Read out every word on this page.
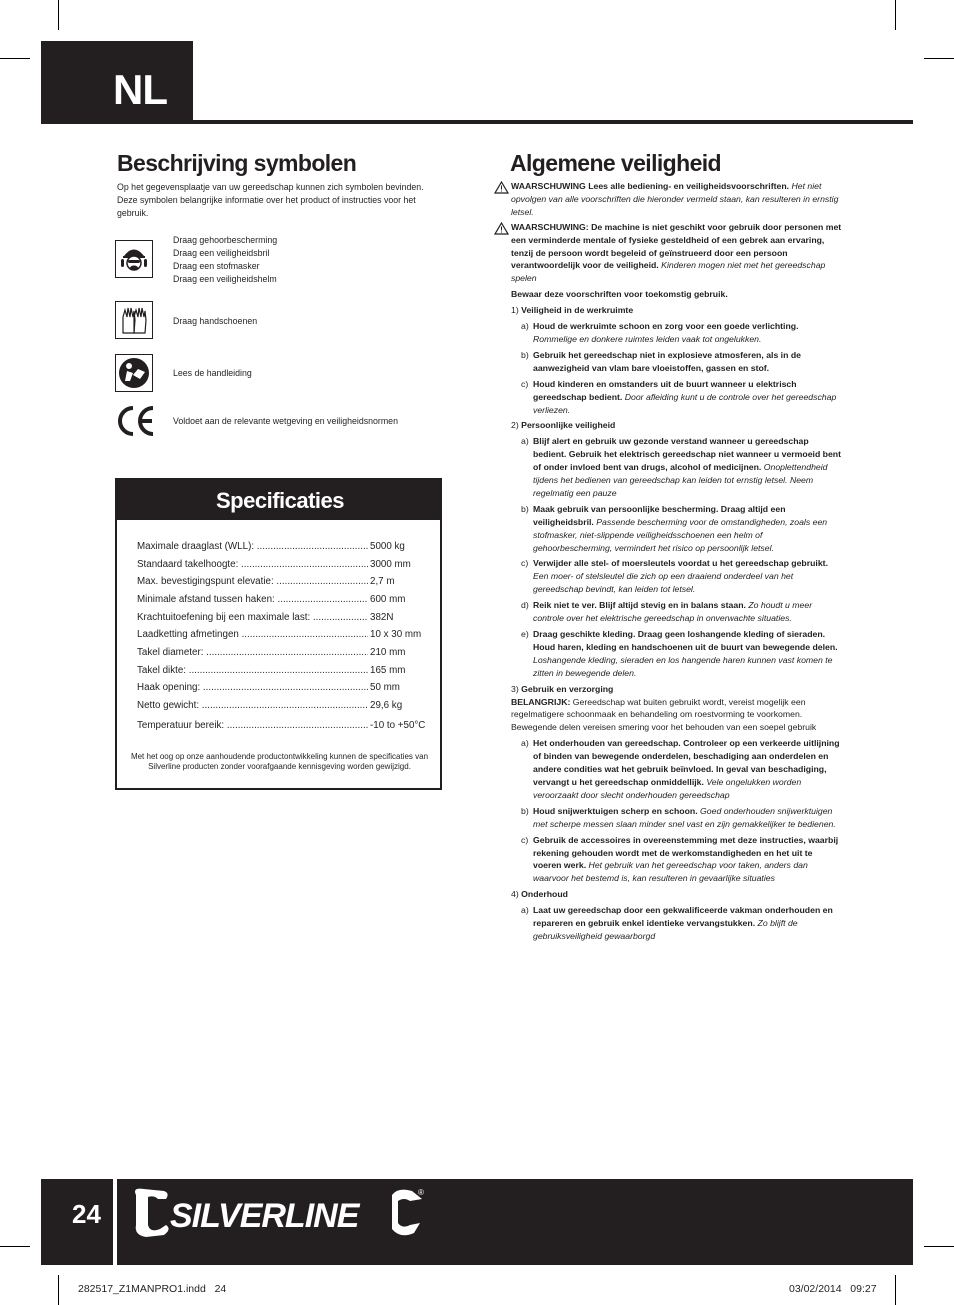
NL
Beschrijving symbolen
Op het gegevensplaatje van uw gereedschap kunnen zich symbolen bevinden. Deze symbolen belangrijke informatie over het product of instructies voor het gebruik.
Draag gehoorbescherming
Draag een veiligheidsbril
Draag een stofmasker
Draag een veiligheidshelm
Draag handschoenen
Lees de handleiding
Voldoet aan de relevante wetgeving en veiligheidsnormen
Specificaties
Maximale draaglast (WLL): .....	5000 kg
Standaard takelhoogte: .....	3000 mm
Max. bevestigingspunt elevatie: .....	2,7 m
Minimale afstand tussen haken: .....	600 mm
Krachtuitoefening bij een maximale last: .....	382N
Laadketting afmetingen .....	10 x 30 mm
Takel diameter: .....	210 mm
Takel dikte: .....	165 mm
Haak opening: .....	50 mm
Netto gewicht: .....	29,6 kg
Temperatuur bereik: .....	-10 to +50°C
Met het oog op onze aanhoudende productontwikkeling kunnen de specificaties van Silverline producten zonder voorafgaande kennisgeving worden gewijzigd.
Algemene veiligheid

WAARSCHUWING Lees alle bediening- en veiligheidsvoorschriften. Het niet opvolgen van alle voorschriften die hieronder vermeld staan, kan resulteren in ernstig letsel.

WAARSCHUWING: De machine is niet geschikt voor gebruik door personen met een verminderde mentale of fysieke gesteldheid of een gebrek aan ervaring, tenzij de persoon wordt begeleid of geïnstrueerd door een persoon verantwoordelijk voor de veiligheid. Kinderen mogen niet met het gereedschap spelen

Bewaar deze voorschriften voor toekomstig gebruik.

1) Veiligheid in de werkruimte

a) Houd de werkruimte schoon en zorg voor een goede verlichting. Rommelige en donkere ruimtes leiden vaak tot ongelukken.

b) Gebruik het gereedschap niet in explosieve atmosferen, als in de aanwezigheid van vlam bare vloeistoffen, gassen en stof.

c) Houd kinderen en omstanders uit de buurt wanneer u elektrisch gereedschap bedient. Door afleiding kunt u de controle over het gereedschap verliezen.

2) Persoonlijke veiligheid

a) Blijf alert en gebruik uw gezonde verstand wanneer u gereedschap bedient. Gebruik het elektrisch gereedschap niet wanneer u vermoeid bent of onder invloed bent van drugs, alcohol of medicijnen. Onoplettendheid tijdens het bedienen van gereedschap kan leiden tot ernstig letsel. Neem regelmatig een pauze

b) Maak gebruik van persoonlijke bescherming. Draag altijd een veiligheidsbril. Passende bescherming voor de omstandigheden, zoals een stofmasker, niet-slippende veiligheidsschoenen een helm of gehoorbescherming, vermindert het risico op persoonlijk letsel.

c) Verwijder alle stel- of moersleutels voordat u het gereedschap gebruikt. Een moer- of stelsleutel die zich op een draaiend onderdeel van het gereedschap bevindt, kan leiden tot letsel.

d) Reik niet te ver. Blijf altijd stevig en in balans staan. Zo houdt u meer controle over het elektrische gereedschap in onverwachte situaties.

e) Draag geschikte kleding. Draag geen loshangende kleding of sieraden. Houd haren, kleding en handschoenen uit de buurt van bewegende delen. Loshangende kleding, sieraden en los hangende haren kunnen vast komen te zitten in bewegende delen.

3) Gebruik en verzorging

BELANGRIJK: Gereedschap wat buiten gebruikt wordt, vereist mogelijk een regelmatigere schoonmaak en behandeling om roestvorming te voorkomen. Bewegende delen vereisen smering voor het behouden van een soepel gebruik

a) Het onderhouden van gereedschap. Controleer op een verkeerde uitlijning of binden van bewegende onderdelen, beschadiging aan onderdelen en andere condities wat het gebruik beïnvloed. In geval van beschadiging, vervangt u het gereedschap onmiddellijk. Vele ongelukken worden veroorzaakt door slecht onderhouden gereedschap

b) Houd snijwerktuigen scherp en schoon. Goed onderhouden snijwerktuigen met scherpe messen slaan minder snel vast en zijn gemakkelijker te bedienen.

c) Gebruik de accessoires in overeenstemming met deze instructies, waarbij rekening gehouden wordt met de werkomstandigheden en het uit te voeren werk. Het gebruik van het gereedschap voor taken, anders dan waarvoor het bestemd is, kan resulteren in gevaarlijke situaties

4) Onderhoud

a) Laat uw gereedschap door een gekwalificeerde vakman onderhouden en repareren en gebruik enkel identieke vervangstukken. Zo blijft de gebruiksveiligheid gewaarborgd

24 SILVERLINE
®
282517_Z1MANPRO1.indd   24	03/02/2014   09:27
